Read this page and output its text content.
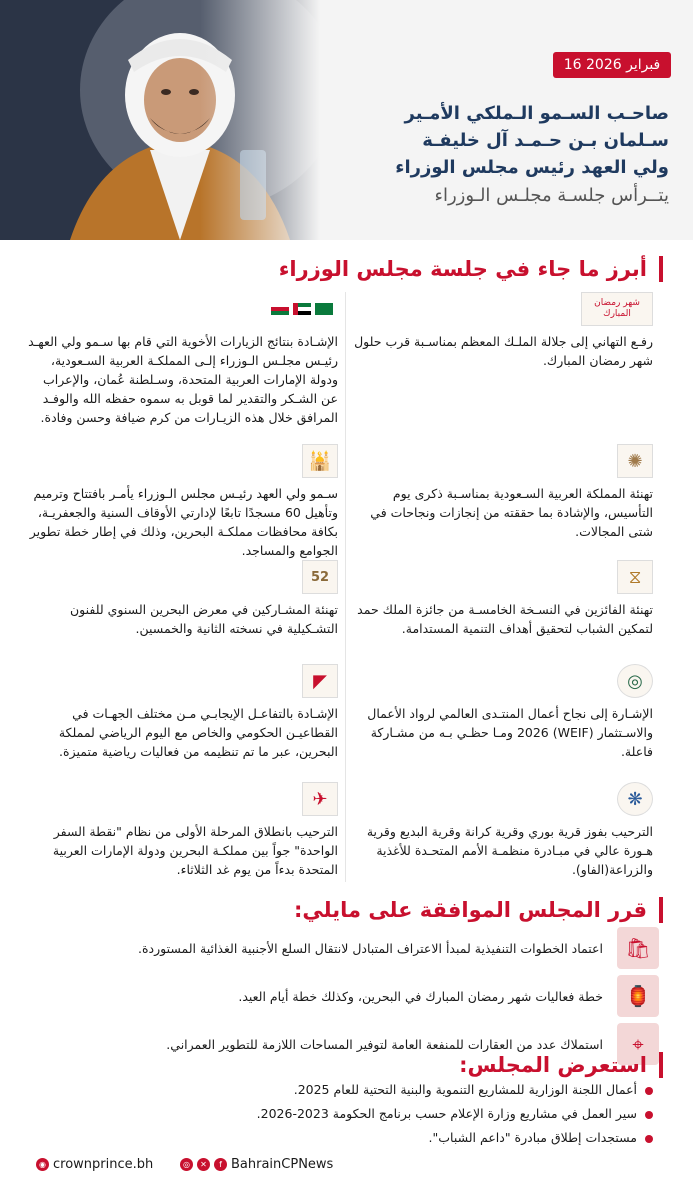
16 فبراير 2026
صاحـب السـمو الـملكي الأمـير
سـلمان بـن حـمـد آل خليفـة
ولي العهد رئيس مجلس الوزراء
يتــرأس جلسـة مجلـس الـوزراء
أبرز ما جاء في جلسة مجلس الوزراء
شهر رمضان المبارك
رفـع التهاني إلى جلالة الملـك المعظم بمناسـبة قرب حلول شهر رمضان المبارك.
الإشـادة بنتائج الزيارات الأخوية التي قام بها سـمو ولي العهـد رئيـس مجلـس الـوزراء إلـى المملكـة العربية السـعودية، ودولة الإمارات العربية المتحدة، وسـلطنة عُمان، والإعراب عن الشـكر والتقدير لما قوبل به سموه حفظه الله والوفـد المرافق خلال هذه الزيـارات من كرم ضيافة وحسن وفادة.
✺
تهنئة المملكة العربية السـعودية بمناسـبة ذكرى يوم التأسيس، والإشادة بما حققته من إنجازات ونجاحات في شتى المجالات.
🕌
سـمو ولي العهد رئيـس مجلس الـوزراء يأمـر بافتتاح وترميم وتأهيل 60 مسجدًا تابعًا لإدارتي الأوقاف السنية والجعفريـة، بكافة محافظات مملكـة البحرين، وذلك في إطار خطة تطوير الجوامع والمساجد.
⧖
تهنئة الفائزين في النسـخة الخامسـة من جائزة الملك حمد لتمكين الشباب لتحقيق أهداف التنمية المستدامة.
52
تهنئة المشـاركين في معرض البحرين السنوي للفنون التشـكيلية في نسخته الثانية والخمسين.
◎
الإشـارة إلى نجاح أعمال المنتـدى العالمي لرواد الأعمال والاسـتثمار (WEIF) 2026 ومـا حظـي بـه من مشـاركة فاعلة.
◤
الإشـادة بالتفاعـل الإيجابـي مـن مختلف الجهـات في القطاعيـن الحكومي والخاص مع اليوم الرياضي لمملكة البحرين، عبر ما تم تنظيمه من فعاليات رياضية متميزة.
❋
الترحيب بفوز قرية بوري وقرية كرانة وقرية البديع وقرية هـورة عالي في مبـادرة منظمـة الأمم المتحـدة للأغذية والزراعة(الفاو).
✈
الترحيب بانطلاق المرحلة الأولى من نظام "نقطة السفر الواحدة" جواً بين مملكـة البحرين ودولة الإمارات العربية المتحدة بدءاً من يوم غد الثلاثاء.
قرر المجلس الموافقة على مايلي:
🛍
اعتماد الخطوات التنفيذية لمبدأ الاعتراف المتبادل لانتقال السلع الأجنبية الغذائية المستوردة.
🏮
خطة فعاليات شهر رمضان المبارك في البحرين، وكذلك خطة أيام العيد.
⌖
استملاك عدد من العقارات للمنفعة العامة لتوفير المساحات اللازمة للتطوير العمراني.
استعرض المجلس:
أعمال اللجنة الوزارية للمشاريع التنموية والبنية التحتية للعام 2025.
سير العمل في مشاريع وزارة الإعلام حسب برنامج الحكومة 2023-2026.
مستجدات إطلاق مبادرة "داعم الشباب".
◉ crownprince.bh	◎	✕	f BahrainCPNews
